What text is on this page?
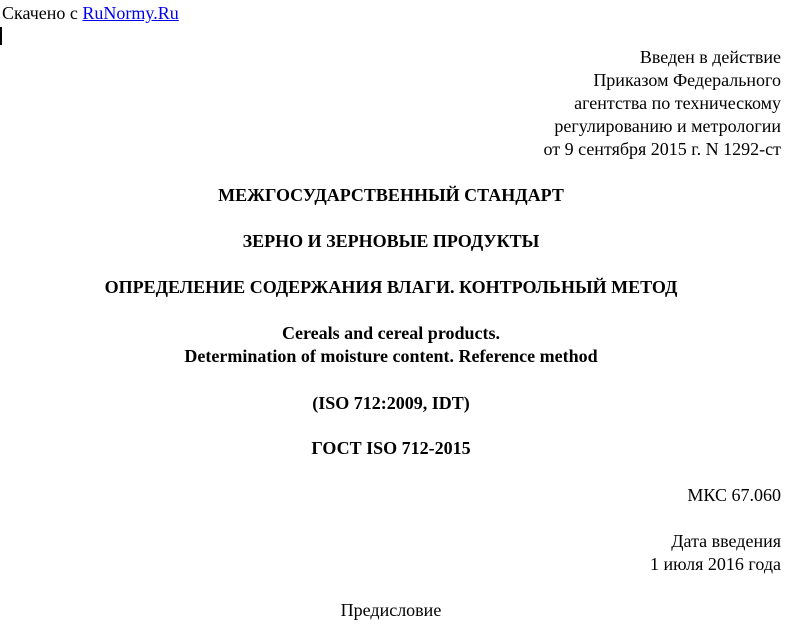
Скачено с RuNormy.Ru
Введен в действие
Приказом Федерального
агентства по техническому
регулированию и метрологии
от 9 сентября 2015 г. N 1292-ст
МЕЖГОСУДАРСТВЕННЫЙ СТАНДАРТ
ЗЕРНО И ЗЕРНОВЫЕ ПРОДУКТЫ
ОПРЕДЕЛЕНИЕ СОДЕРЖАНИЯ ВЛАГИ. КОНТРОЛЬНЫЙ МЕТОД
Cereals and cereal products.
Determination of moisture content. Reference method
(ISO 712:2009, IDT)
ГОСТ ISO 712-2015
МКС 67.060
Дата введения
1 июля 2016 года
Предисловие
